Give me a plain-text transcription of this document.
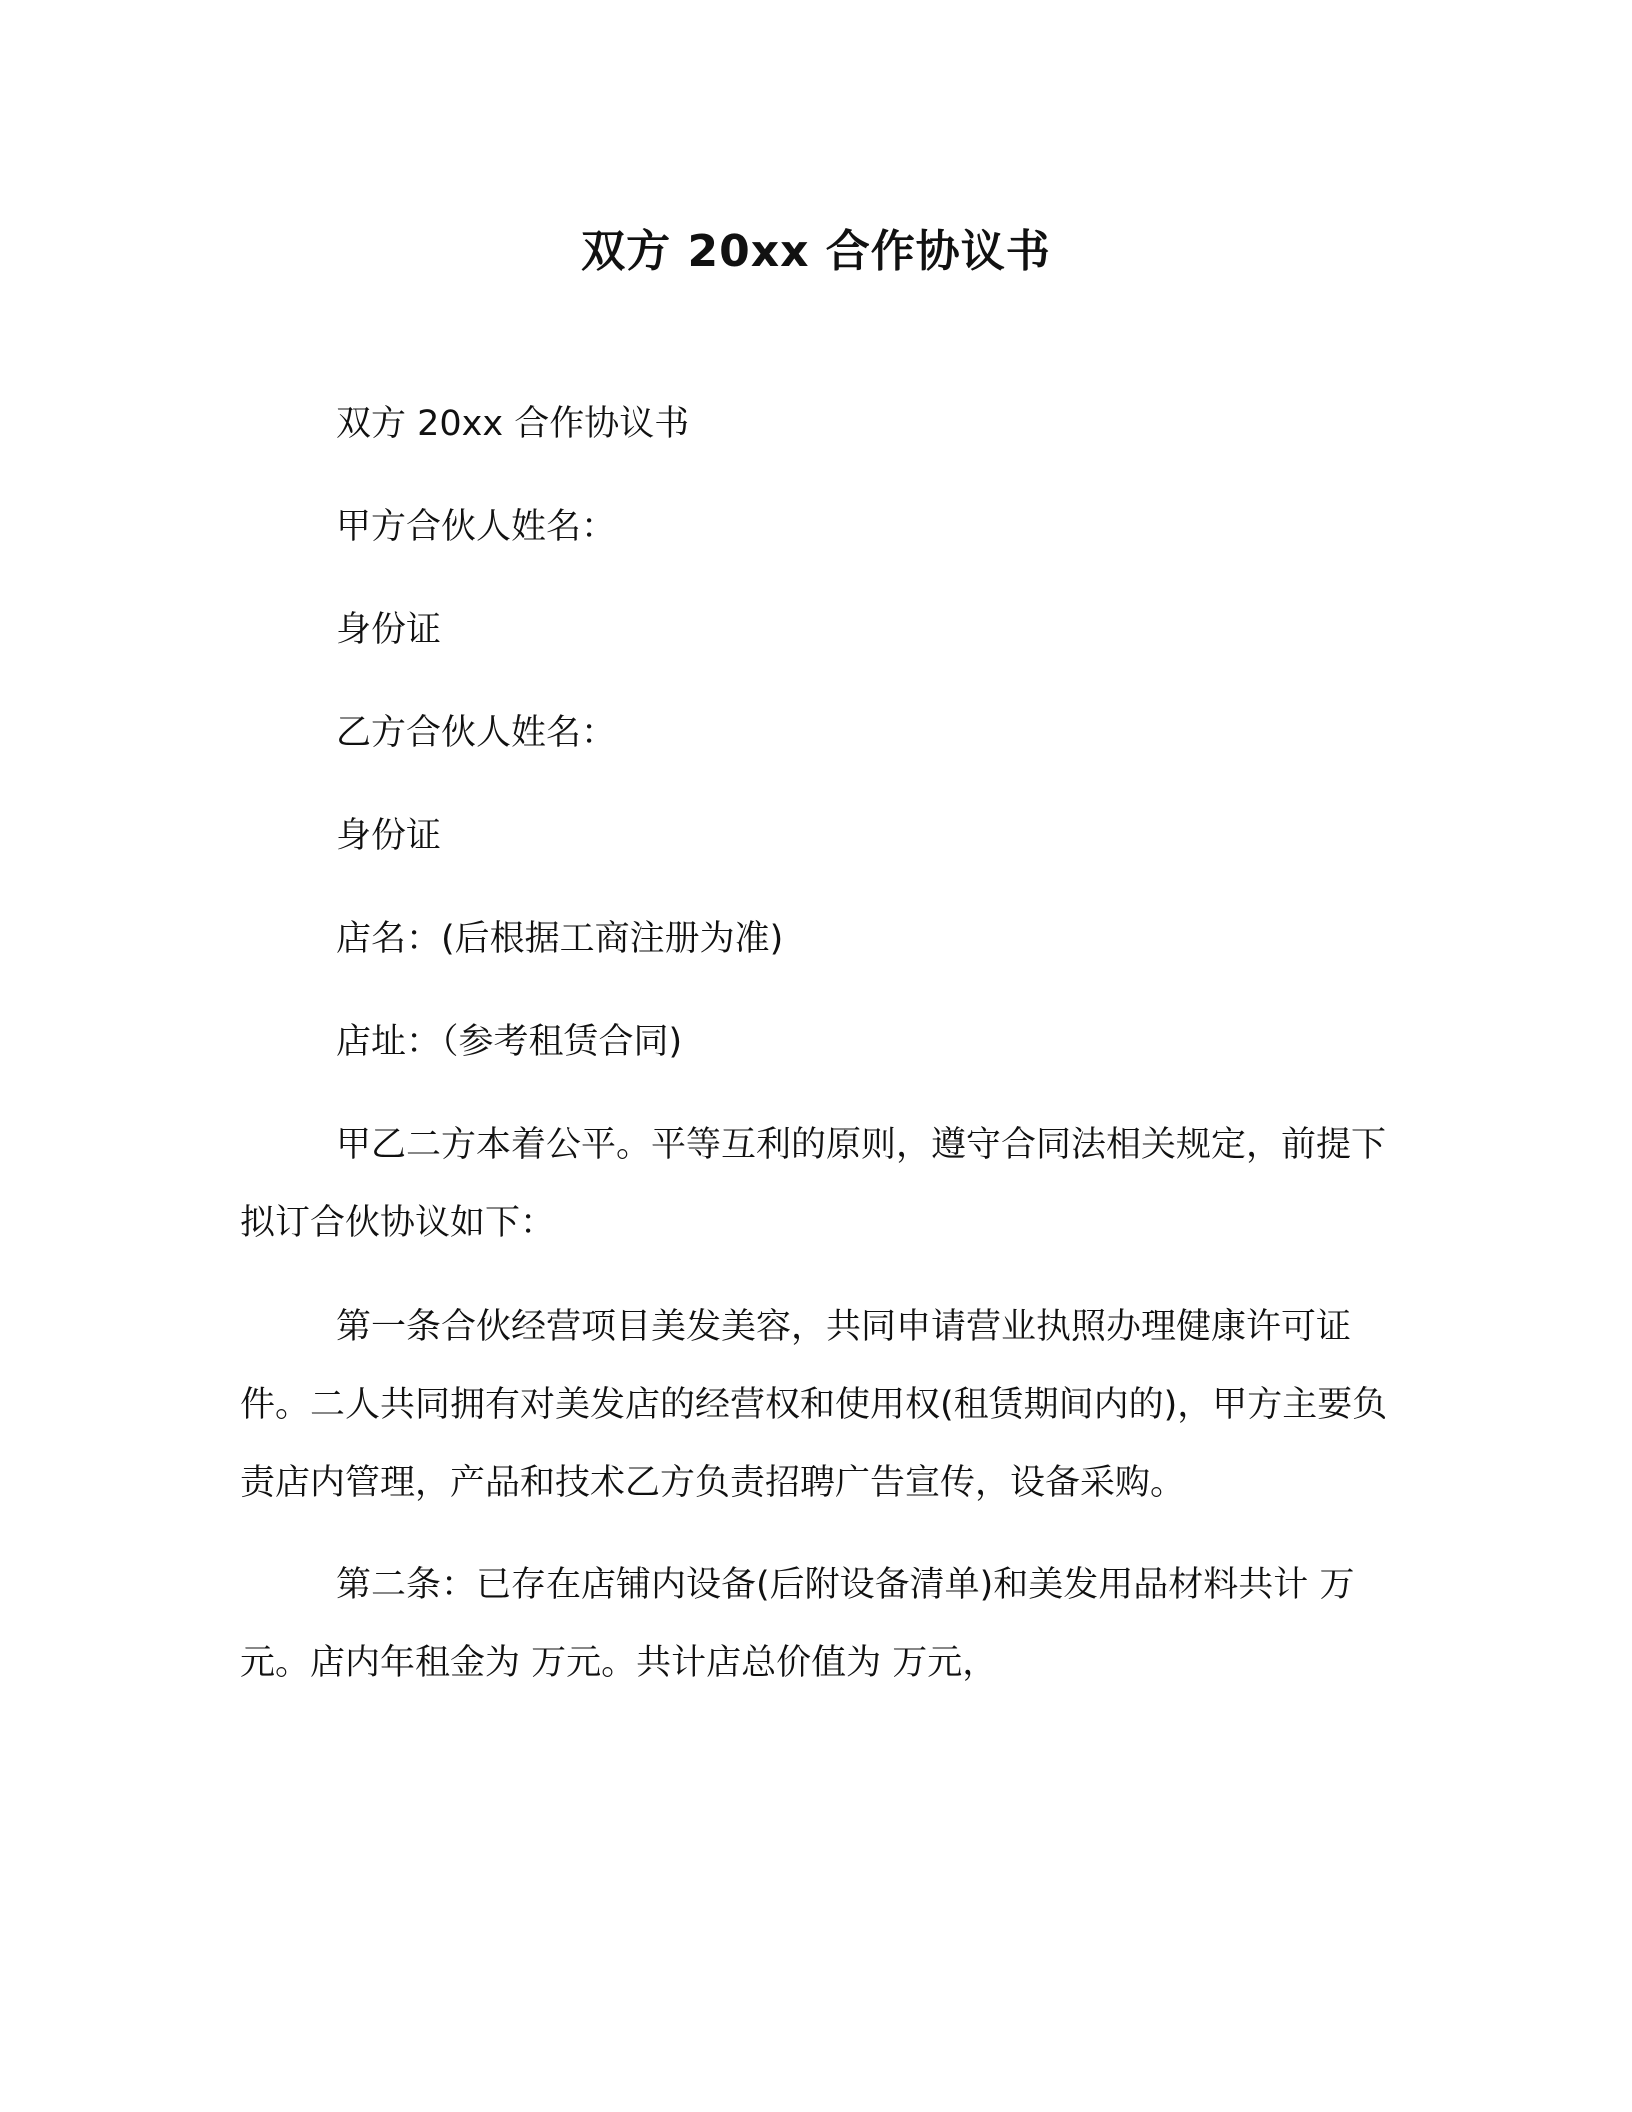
双方 20xx 合作协议书

双方 20xx 合作协议书

甲方合伙人姓名：

身份证

乙方合伙人姓名：

身份证

店名：(后根据工商注册为准)

店址：（参考租赁合同)

甲乙二方本着公平。平等互利的原则，遵守合同法相关规定，前提下拟订合伙协议如下：

第一条合伙经营项目美发美容，共同申请营业执照办理健康许可证件。二人共同拥有对美发店的经营权和使用权(租赁期间内的)，甲方主要负责店内管理，产品和技术乙方负责招聘广告宣传，设备采购。

第二条：已存在店铺内设备(后附设备清单)和美发用品材料共计 万元。店内年租金为 万元。共计店总价值为 万元，
